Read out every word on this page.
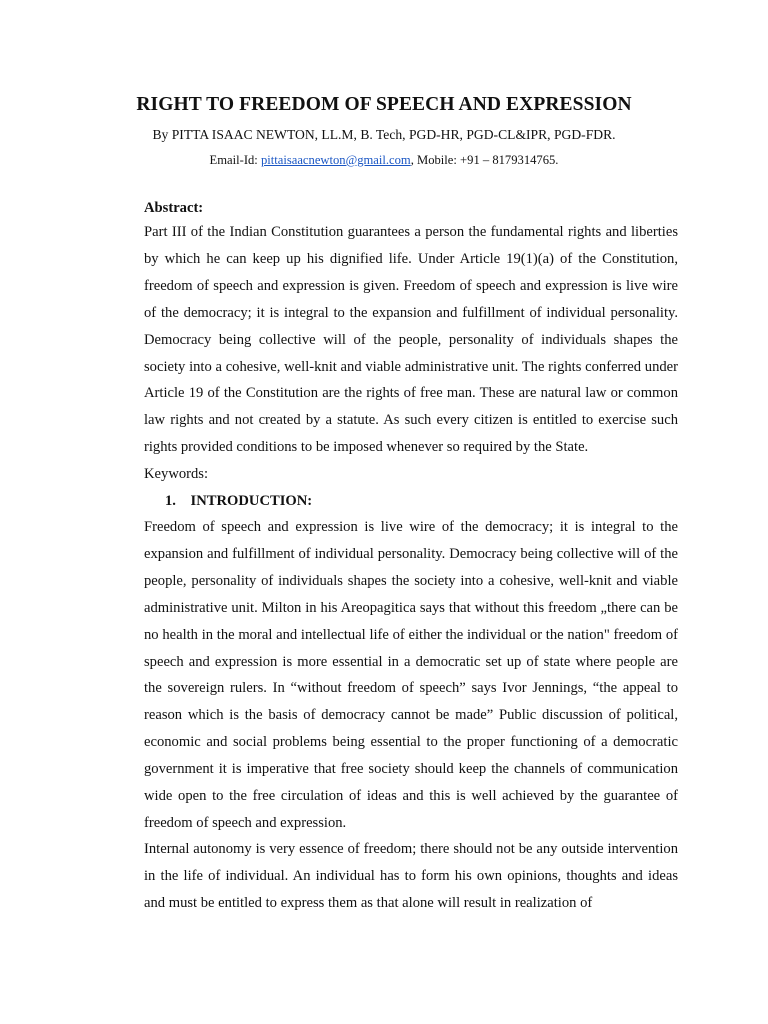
RIGHT TO FREEDOM OF SPEECH AND EXPRESSION
By PITTA ISAAC NEWTON, LL.M, B. Tech, PGD-HR, PGD-CL&IPR, PGD-FDR.
Email-Id: pittaisaacnewton@gmail.com, Mobile: +91 – 8179314765.
Abstract:

Part III of the Indian Constitution guarantees a person the fundamental rights and liberties by which he can keep up his dignified life. Under Article 19(1)(a) of the Constitution, freedom of speech and expression is given. Freedom of speech and expression is live wire of the democracy; it is integral to the expansion and fulfillment of individual personality. Democracy being collective will of the people, personality of individuals shapes the society into a cohesive, well-knit and viable administrative unit. The rights conferred under Article 19 of the Constitution are the rights of free man. These are natural law or common law rights and not created by a statute. As such every citizen is entitled to exercise such rights provided conditions to be imposed whenever so required by the State.

Keywords:
1. INTRODUCTION:

Freedom of speech and expression is live wire of the democracy; it is integral to the expansion and fulfillment of individual personality. Democracy being collective will of the people, personality of individuals shapes the society into a cohesive, well-knit and viable administrative unit. Milton in his Areopagitica says that without this freedom „there can be no health in the moral and intellectual life of either the individual or the nation" freedom of speech and expression is more essential in a democratic set up of state where people are the sovereign rulers. In “without freedom of speech” says Ivor Jennings, “the appeal to reason which is the basis of democracy cannot be made” Public discussion of political, economic and social problems being essential to the proper functioning of a democratic government it is imperative that free society should keep the channels of communication wide open to the free circulation of ideas and this is well achieved by the guarantee of freedom of speech and expression.

Internal autonomy is very essence of freedom; there should not be any outside intervention in the life of individual. An individual has to form his own opinions, thoughts and ideas and must be entitled to express them as that alone will result in realization of
